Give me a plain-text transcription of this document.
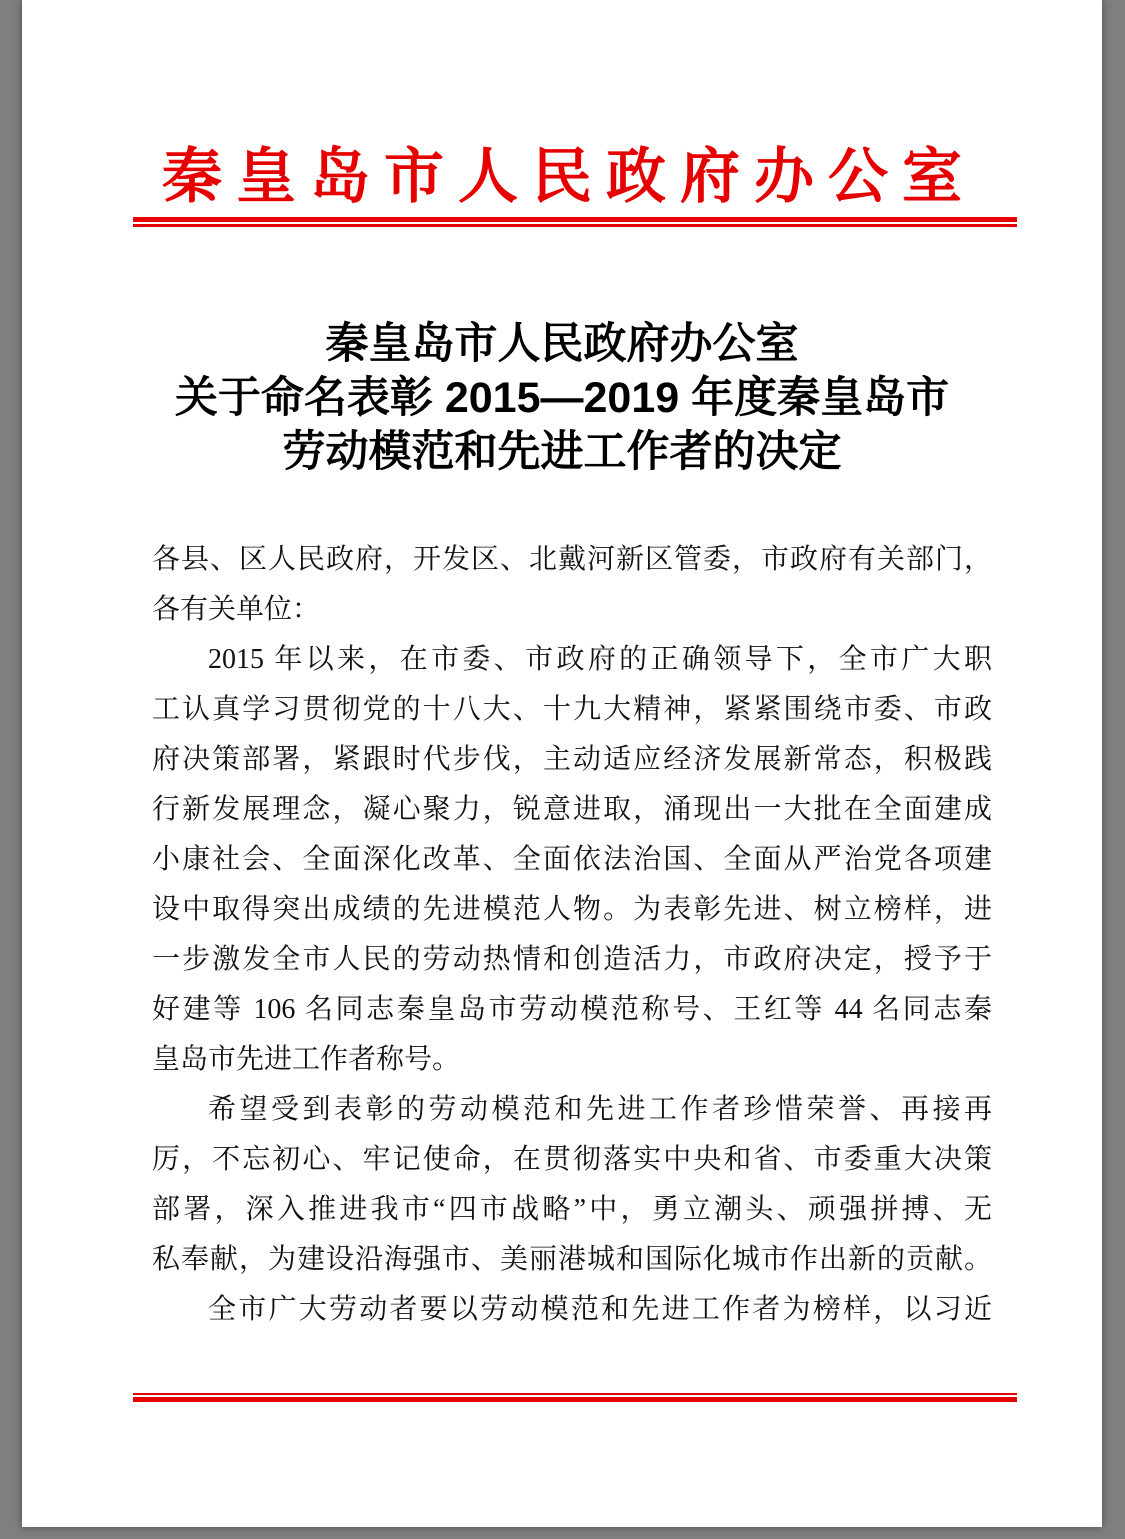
秦皇岛市人民政府办公室
秦皇岛市人民政府办公室
关于命名表彰 2015—2019 年度秦皇岛市
劳动模范和先进工作者的决定
各县、区人民政府，开发区、北戴河新区管委，市政府有关部门，
各有关单位：
2015 年以来，在市委、市政府的正确领导下，全市广大职
工认真学习贯彻党的十八大、十九大精神，紧紧围绕市委、市政
府决策部署，紧跟时代步伐，主动适应经济发展新常态，积极践
行新发展理念，凝心聚力，锐意进取，涌现出一大批在全面建成
小康社会、全面深化改革、全面依法治国、全面从严治党各项建
设中取得突出成绩的先进模范人物。为表彰先进、树立榜样，进
一步激发全市人民的劳动热情和创造活力，市政府决定，授予于
好建等 106 名同志秦皇岛市劳动模范称号、王红等 44 名同志秦
皇岛市先进工作者称号。
希望受到表彰的劳动模范和先进工作者珍惜荣誉、再接再
厉，不忘初心、牢记使命，在贯彻落实中央和省、市委重大决策
部署，深入推进我市“四市战略”中，勇立潮头、顽强拼搏、无
私奉献，为建设沿海强市、美丽港城和国际化城市作出新的贡献。
全市广大劳动者要以劳动模范和先进工作者为榜样，以习近
